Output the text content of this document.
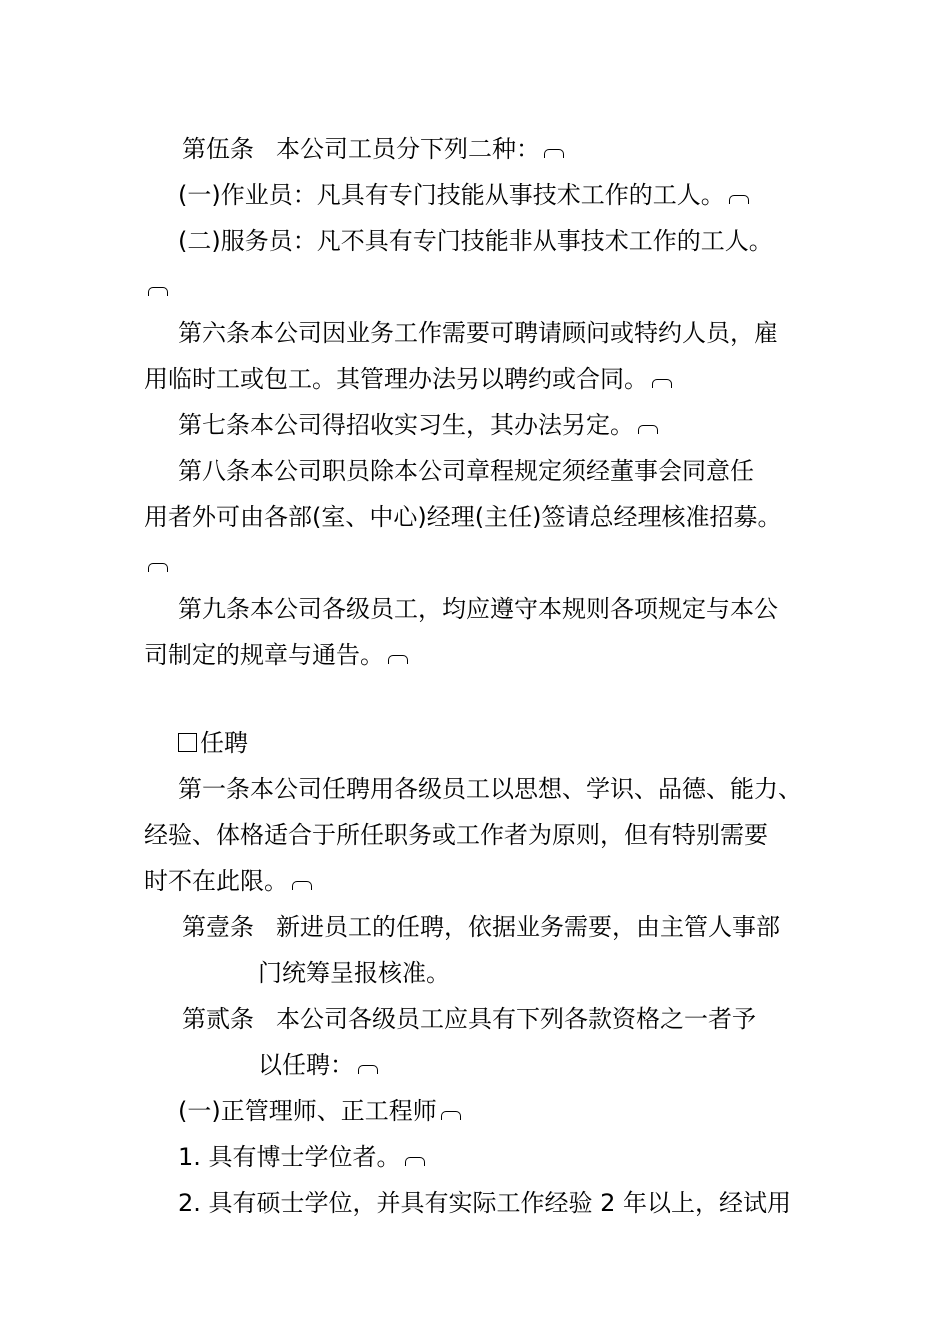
第伍条 本公司工员分下列二种：
(一)作业员：凡具有专门技能从事技术工作的工人。
(二)服务员：凡不具有专门技能非从事技术工作的工人。
第六条本公司因业务工作需要可聘请顾问或特约人员，雇
用临时工或包工。其管理办法另以聘约或合同。
第七条本公司得招收实习生，其办法另定。
第八条本公司职员除本公司章程规定须经董事会同意任
用者外可由各部(室、中心)经理(主任)签请总经理核准招募。
第九条本公司各级员工，均应遵守本规则各项规定与本公
司制定的规章与通告。
任聘
第一条本公司任聘用各级员工以思想、学识、品德、能力、
经验、体格适合于所任职务或工作者为原则，但有特别需要
时不在此限。
第壹条 新进员工的任聘，依据业务需要，由主管人事部
门统筹呈报核准。
第贰条 本公司各级员工应具有下列各款资格之一者予
以任聘：
(一)正管理师、正工程师
1. 具有博士学位者。
2. 具有硕士学位，并具有实际工作经验 2 年以上，经试用
